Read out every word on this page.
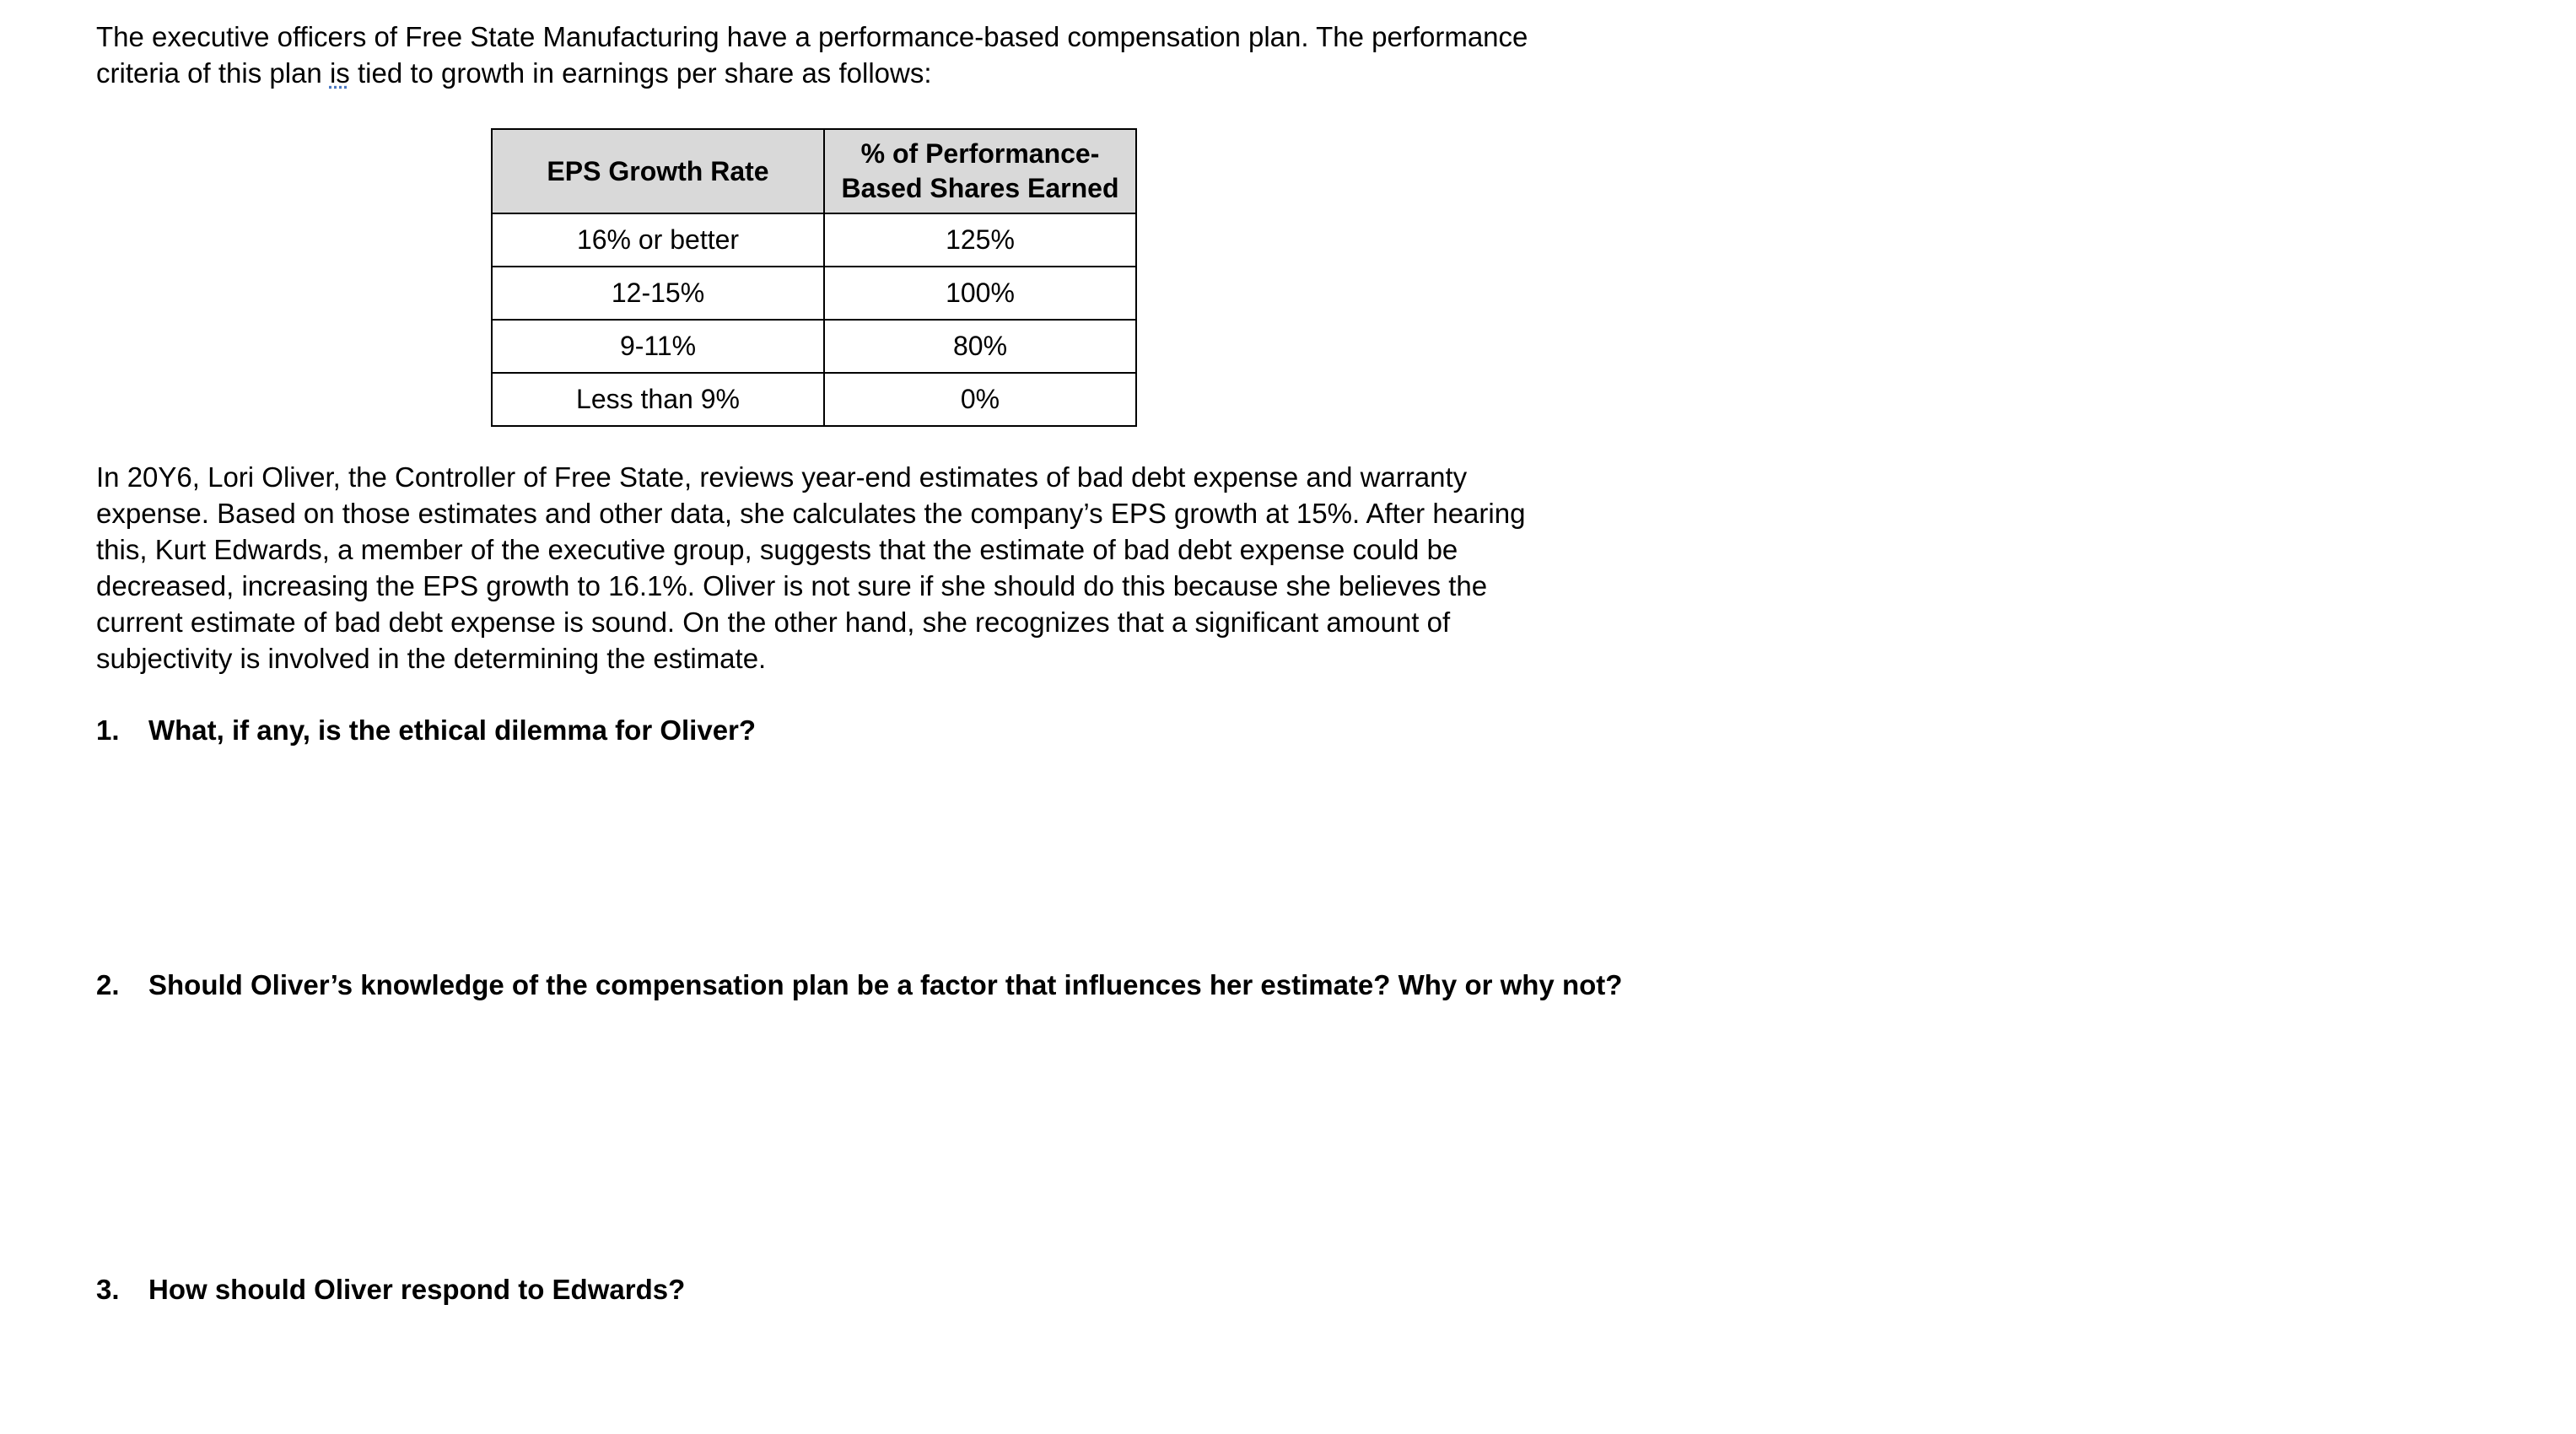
The executive officers of Free State Manufacturing have a performance-based compensation plan. The performance criteria of this plan is tied to growth in earnings per share as follows:

EPS Growth Rate	% of Performance-
Based Shares Earned
16% or better	125%
12-15%	100%
9-11%	80%
Less than 9%	0%

In 20Y6, Lori Oliver, the Controller of Free State, reviews year-end estimates of bad debt expense and warranty expense. Based on those estimates and other data, she calculates the company’s EPS growth at 15%. After hearing this, Kurt Edwards, a member of the executive group, suggests that the estimate of bad debt expense could be decreased, increasing the EPS growth to 16.1%. Oliver is not sure if she should do this because she believes the current estimate of bad debt expense is sound. On the other hand, she recognizes that a significant amount of subjectivity is involved in the determining the estimate.

1. What, if any, is the ethical dilemma for Oliver?
2. Should Oliver’s knowledge of the compensation plan be a factor that influences her estimate? Why or why not?
3. How should Oliver respond to Edwards?
